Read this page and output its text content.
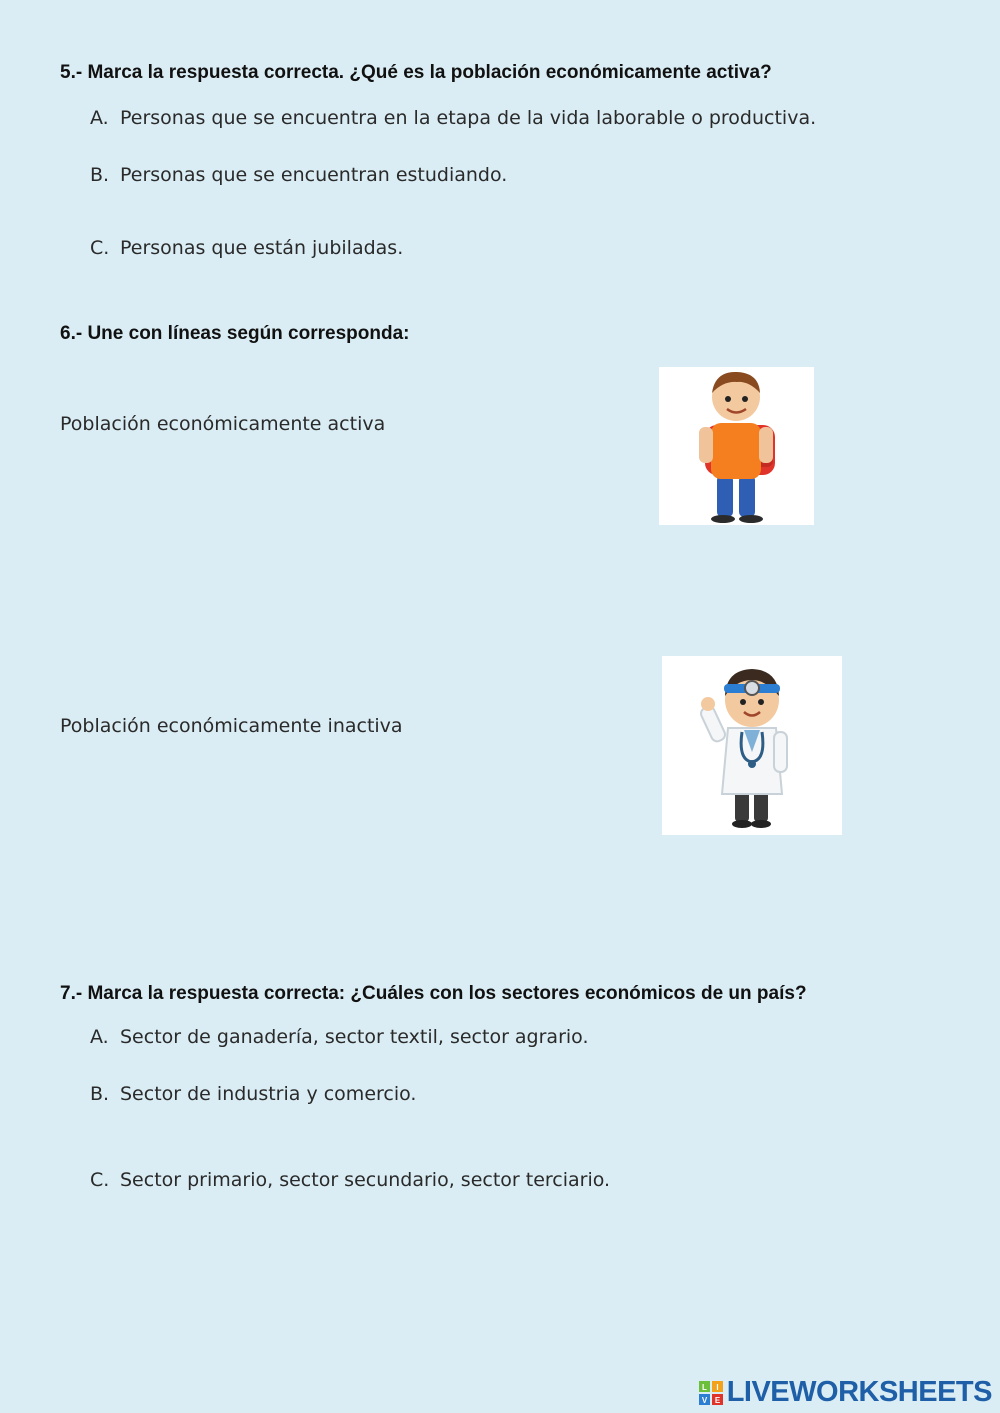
5.- Marca la respuesta correcta. ¿Qué es la población económicamente activa?
A. Personas que se encuentra en la etapa de la vida laborable o productiva.
B. Personas que se encuentran estudiando.
C. Personas que están jubiladas.
6.- Une con líneas según corresponda:
Población económicamente activa
Población económicamente inactiva
7.- Marca la respuesta correcta: ¿Cuáles con los sectores económicos de un país?
A. Sector de ganadería, sector textil, sector agrario.
B. Sector de industria y comercio.
C. Sector primario, sector secundario, sector terciario.
L I
V E LIVEWORKSHEETS
